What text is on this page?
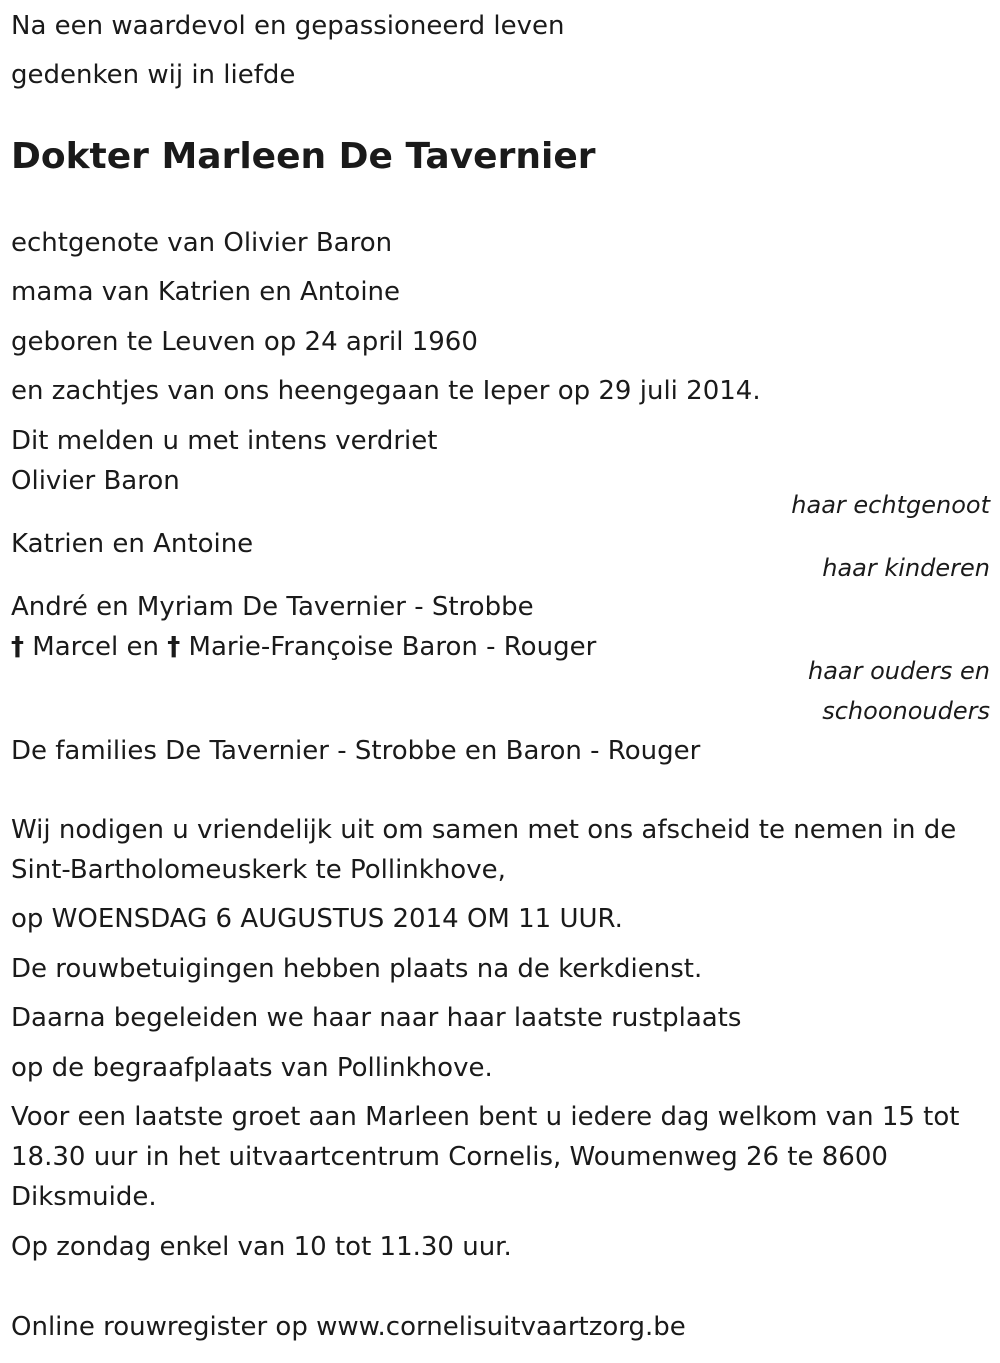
Na een waardevol en gepassioneerd leven
gedenken wij in liefde
Dokter Marleen De Tavernier
echtgenote van Olivier Baron
mama van Katrien en Antoine
geboren te Leuven op 24 april 1960
en zachtjes van ons heengegaan te Ieper op 29 juli 2014.
Dit melden u met intens verdriet
Olivier Baron
haar echtgenoot
Katrien en Antoine
haar kinderen
André en Myriam De Tavernier - Strobbe
† Marcel en † Marie-Françoise Baron - Rouger
haar ouders en
schoonouders
De families De Tavernier - Strobbe en Baron - Rouger
Wij nodigen u vriendelijk uit om samen met ons afscheid te nemen in de Sint-Bartholomeuskerk te Pollinkhove,
op WOENSDAG 6 AUGUSTUS 2014 OM 11 UUR.
De rouwbetuigingen hebben plaats na de kerkdienst.
Daarna begeleiden we haar naar haar laatste rustplaats
op de begraafplaats van Pollinkhove.
Voor een laatste groet aan Marleen bent u iedere dag welkom van 15 tot 18.30 uur in het uitvaartcentrum Cornelis, Woumenweg 26 te 8600 Diksmuide.
Op zondag enkel van 10 tot 11.30 uur.
Online rouwregister op www.cornelisuitvaartzorg.be
